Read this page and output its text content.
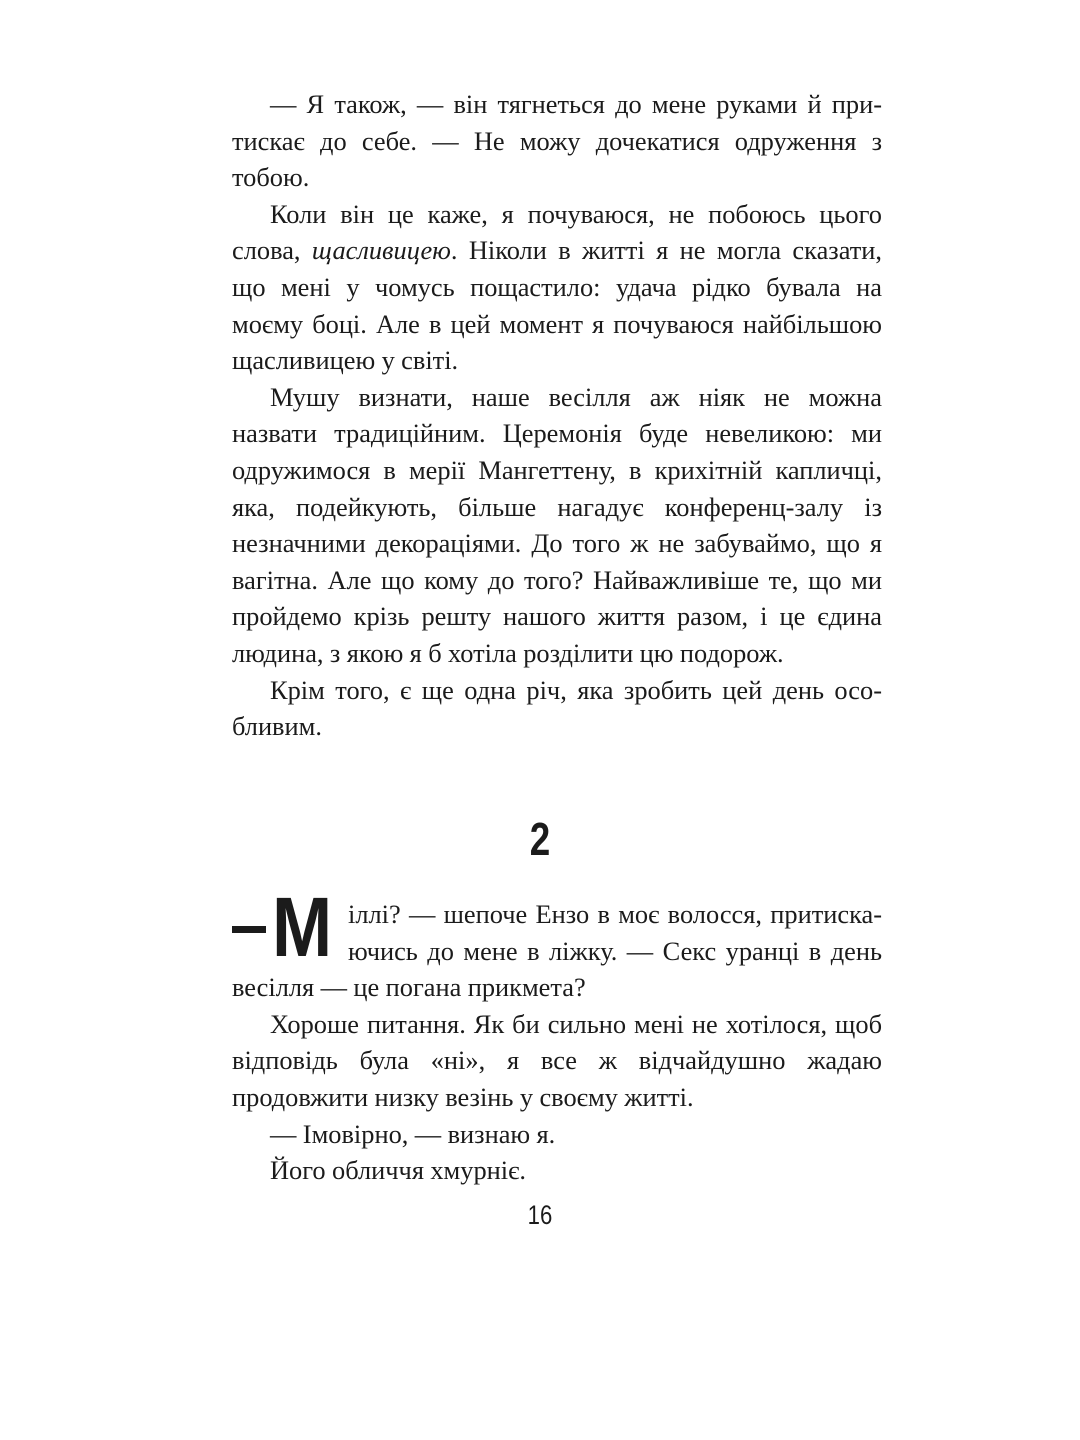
— Я також, — він тягнеться до мене руками й притискає до себе. — Не можу дочекатися одруження з тобою.

Коли він це каже, я почуваюся, не побоюсь цього слова, щасливицею. Ніколи в житті я не могла сказати, що мені у чомусь пощастило: удача рідко бувала на моєму боці. Але в цей момент я почуваюся найбільшою щасливицею у світі.

Мушу визнати, наше весілля аж ніяк не можна назвати традиційним. Церемонія буде невеликою: ми одружимося в мерії Мангеттену, в крихітній капличці, яка, подейкують, більше нагадує конференц-залу із незначними декораціями. До того ж не забуваймо, що я вагітна. Але що кому до того? Найважливіше те, що ми пройдемо крізь решту нашого життя разом, і це єдина людина, з якою я б хотіла розділити цю подорож.

Крім того, є ще одна річ, яка зробить цей день особливим.

2
М іллі? — шепоче Ензо в моє волосся, притискаючись до мене в ліжку. — Секс уранці в день весілля — це погана прикмета?

Хороше питання. Як би сильно мені не хотілося, щоб відповідь була «ні», я все ж відчайдушно жадаю продовжити низку везінь у своєму житті.

— Імовірно, — визнаю я.

Його обличчя хмурніє.

16
